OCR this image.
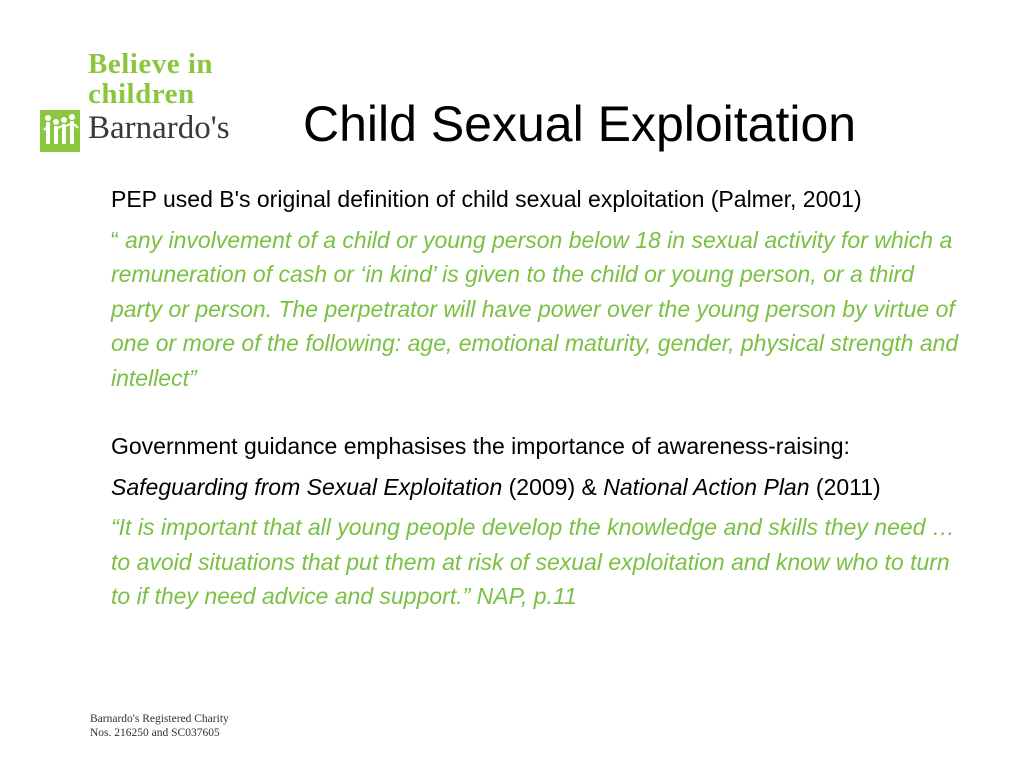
Believe in
children
Barnardo's Child Sexual Exploitation

PEP used B's original definition of child sexual exploitation (Palmer, 2001)

“ any involvement of a child or young person below 18 in sexual activity for which a remuneration of cash or ‘in kind’ is given to the child or young person, or a third party or person. The perpetrator will have power over the young person by virtue of one or more of the following: age, emotional maturity, gender, physical strength and intellect”

Government guidance emphasises the importance of awareness-raising:

Safeguarding from Sexual Exploitation (2009) & National Action Plan (2011)

“It is important that all young people develop the knowledge and skills they need … to avoid situations that put them at risk of sexual exploitation and know who to turn to if they need advice and support.” NAP, p.11

Barnardo's Registered Charity
Nos. 216250 and SC037605
